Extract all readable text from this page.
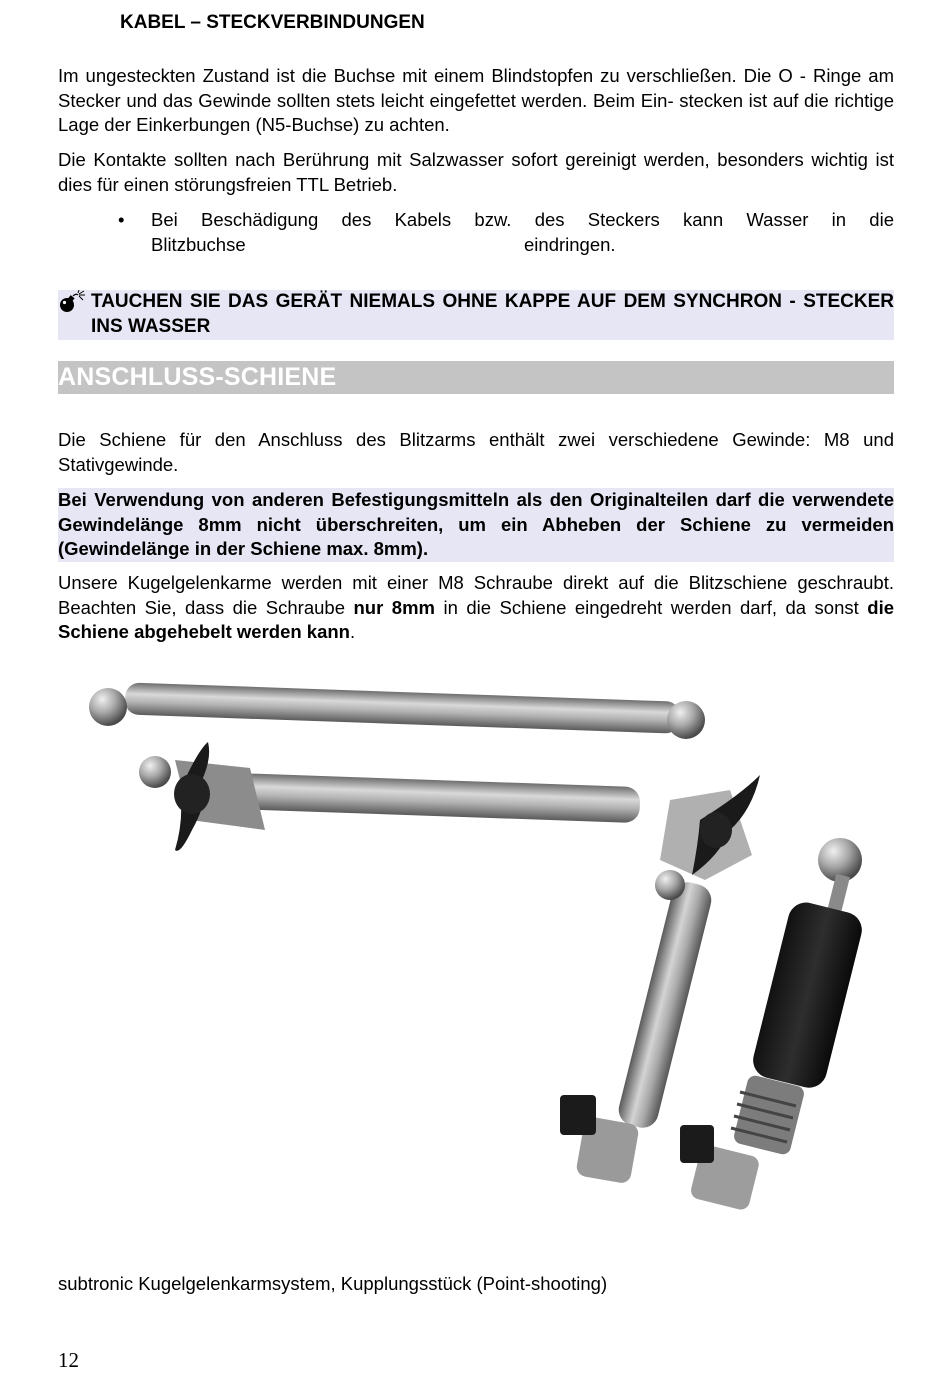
KABEL – STECKVERBINDUNGEN

Im ungesteckten Zustand ist die Buchse mit einem Blindstopfen zu verschließen. Die O - Ringe am Stecker und das Gewinde sollten stets leicht eingefettet werden. Beim Ein- stecken ist auf die richtige Lage der Einkerbungen (N5-Buchse) zu achten.

Die Kontakte sollten nach Berührung mit Salzwasser sofort gereinigt werden, besonders wichtig ist dies für einen störungsfreien TTL Betrieb.

• Bei Beschädigung des Kabels bzw. des Steckers kann Wasser in die
Blitzbuchse	eindringen.

TAUCHEN SIE DAS GERÄT NIEMALS OHNE KAPPE AUF DEM SYNCHRON - STECKER INS WASSER

ANSCHLUSS-SCHIENE

Die Schiene für den Anschluss des Blitzarms enthält zwei verschiedene Gewinde: M8 und Stativgewinde.

Bei Verwendung von anderen Befestigungsmitteln als den Originalteilen darf die verwendete Gewindelänge 8mm nicht überschreiten, um ein Abheben der Schiene zu vermeiden (Gewindelänge in der Schiene max. 8mm).

Unsere Kugelgelenkarme werden mit einer M8 Schraube direkt auf die Blitzschiene geschraubt. Beachten Sie, dass die Schraube nur 8mm in die Schiene eingedreht werden darf, da sonst die Schiene abgehebelt werden kann.

subtronic Kugelgelenkarmsystem, Kupplungsstück (Point-shooting)

12
